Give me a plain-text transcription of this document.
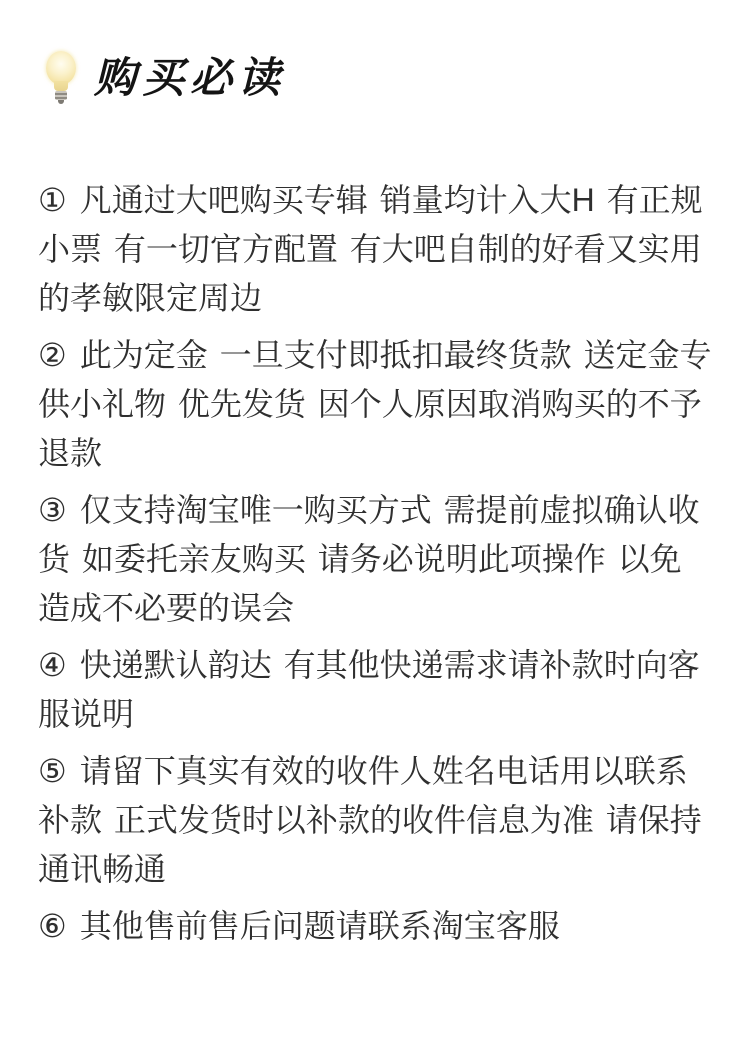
购买必读

① 凡通过大吧购买专辑 销量均计入大H 有正规小票 有一切官方配置 有大吧自制的好看又实用的孝敏限定周边

② 此为定金 一旦支付即抵扣最终货款 送定金专供小礼物 优先发货 因个人原因取消购买的不予退款

③ 仅支持淘宝唯一购买方式 需提前虚拟确认收货 如委托亲友购买 请务必说明此项操作 以免造成不必要的误会

④ 快递默认韵达 有其他快递需求请补款时向客服说明

⑤ 请留下真实有效的收件人姓名电话用以联系补款 正式发货时以补款的收件信息为准 请保持通讯畅通

⑥ 其他售前售后问题请联系淘宝客服
